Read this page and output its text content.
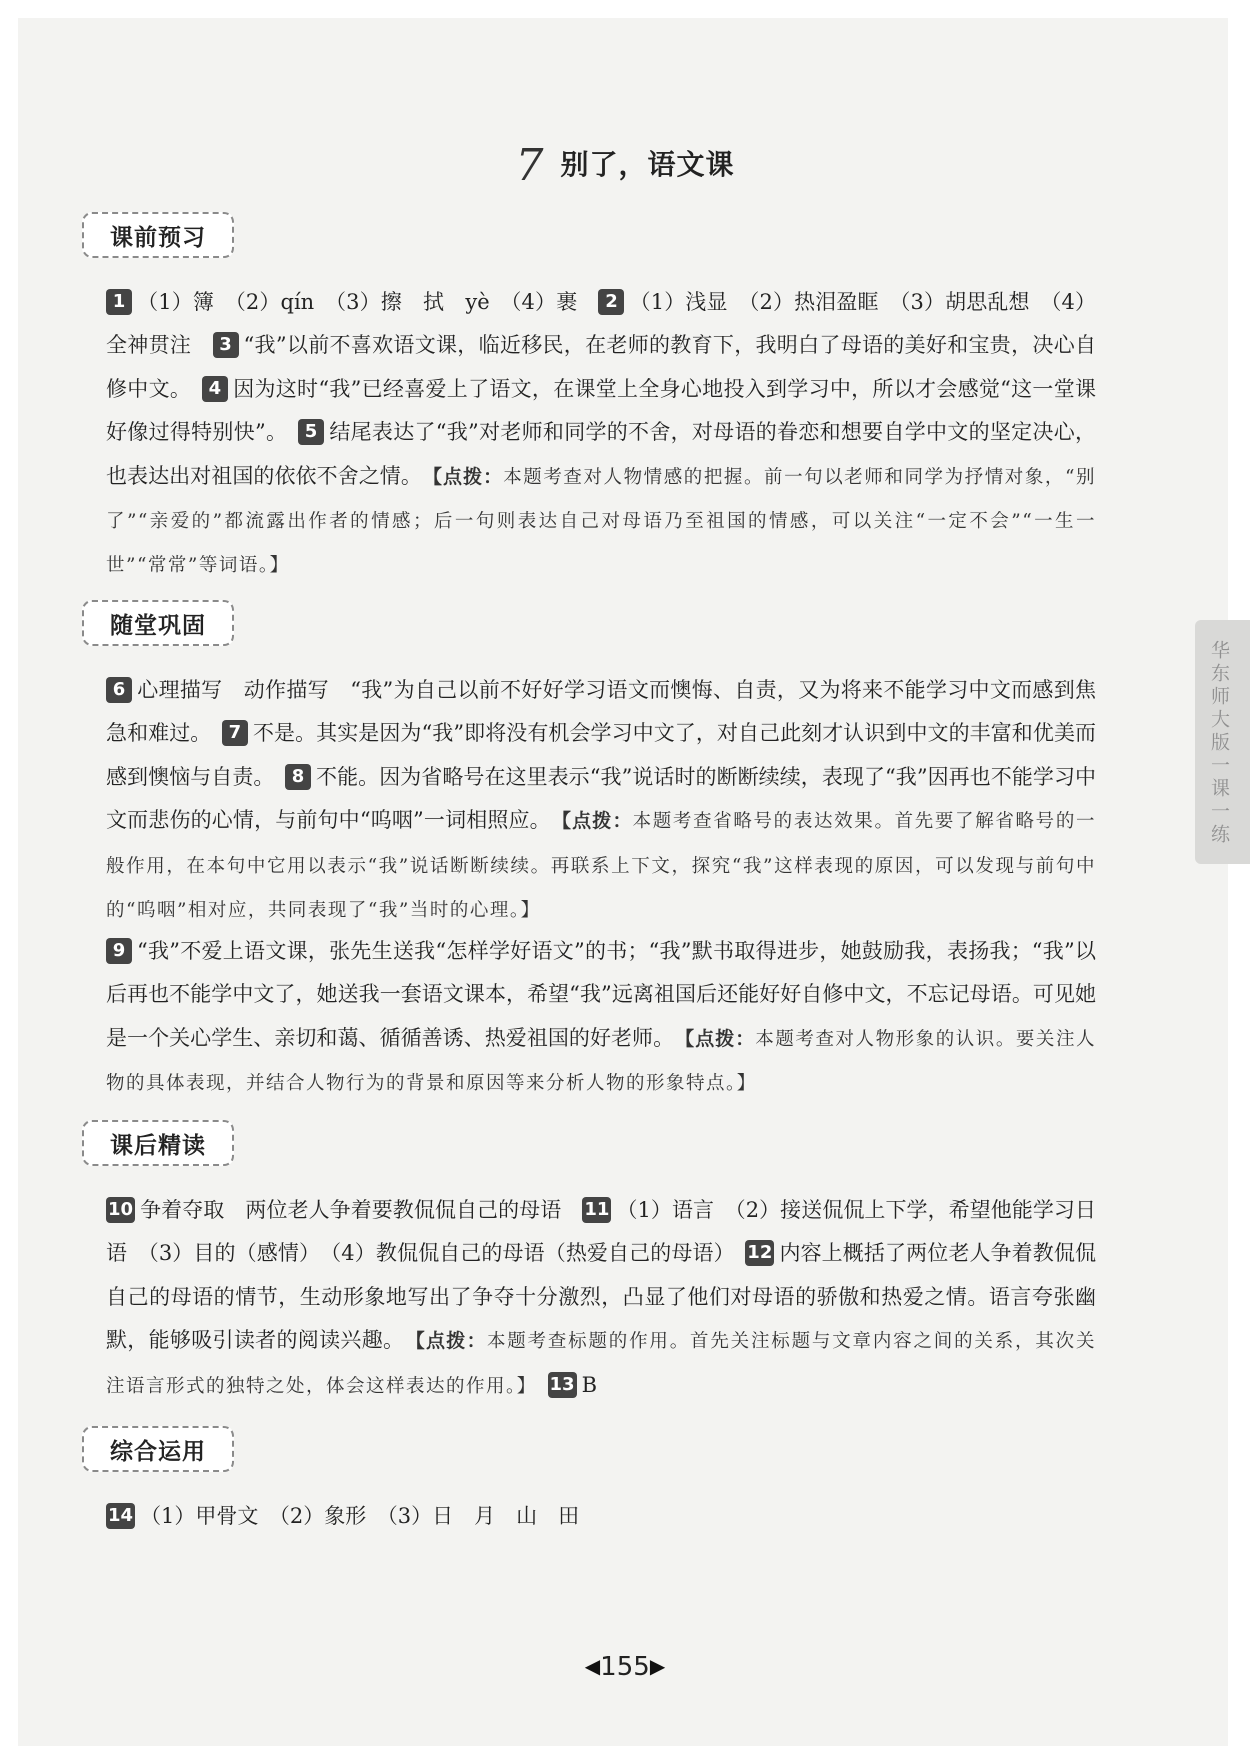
7 别了，语文课
课前预习
1 （1）簿　（2）qín　（3）擦　拭　yè　（4）裹　2 （1）浅显　（2）热泪盈眶　（3）胡思乱想　（4）全神贯注　3 “我”以前不喜欢语文课，临近移民，在老师的教育下，我明白了母语的美好和宝贵，决心自修中文。　4 因为这时“我”已经喜爱上了语文，在课堂上全身心地投入到学习中，所以才会感觉“这一堂课好像过得特别快”。　5 结尾表达了“我”对老师和同学的不舍，对母语的眷恋和想要自学中文的坚定决心，也表达出对祖国的依依不舍之情。　【点拨：本题考查对人物情感的把握。前一句以老师和同学为抒情对象，“别了”“亲爱的”都流露出作者的情感；后一句则表达自己对母语乃至祖国的情感，可以关注“一定不会”“一生一世”“常常”等词语。】
随堂巩固
6 心理描写　动作描写　“我”为自己以前不好好学习语文而懊悔、自责，又为将来不能学习中文而感到焦急和难过。　7 不是。其实是因为“我”即将没有机会学习中文了，对自己此刻才认识到中文的丰富和优美而感到懊恼与自责。　8 不能。因为省略号在这里表示“我”说话时的断断续续，表现了“我”因再也不能学习中文而悲伤的心情，与前句中“呜咽”一词相照应。　【点拨：本题考查省略号的表达效果。首先要了解省略号的一般作用，在本句中它用以表示“我”说话断断续续。再联系上下文，探究“我”这样表现的原因，可以发现与前句中的“呜咽”相对应，共同表现了“我”当时的心理。】
9 “我”不爱上语文课，张先生送我“怎样学好语文”的书；“我”默书取得进步，她鼓励我，表扬我；“我”以后再也不能学中文了，她送我一套语文课本，希望“我”远离祖国后还能好好自修中文，不忘记母语。可见她是一个关心学生、亲切和蔼、循循善诱、热爱祖国的好老师。　【点拨：本题考查对人物形象的认识。要关注人物的具体表现，并结合人物行为的背景和原因等来分析人物的形象特点。】
课后精读
10 争着夺取　两位老人争着要教侃侃自己的母语　11 （1）语言　（2）接送侃侃上下学，希望他能学习日语　（3）目的（感情）　（4）教侃侃自己的母语（热爱自己的母语）　12 内容上概括了两位老人争着教侃侃自己的母语的情节，生动形象地写出了争夺十分激烈，凸显了他们对母语的骄傲和热爱之情。语言夸张幽默，能够吸引读者的阅读兴趣。　【点拨：本题考查标题的作用。首先关注标题与文章内容之间的关系，其次关注语言形式的独特之处，体会这样表达的作用。】　13 B
综合运用
14 （1）甲骨文　（2）象形　（3）日　月　山　田
华东师大版一课一练
◀155▶
